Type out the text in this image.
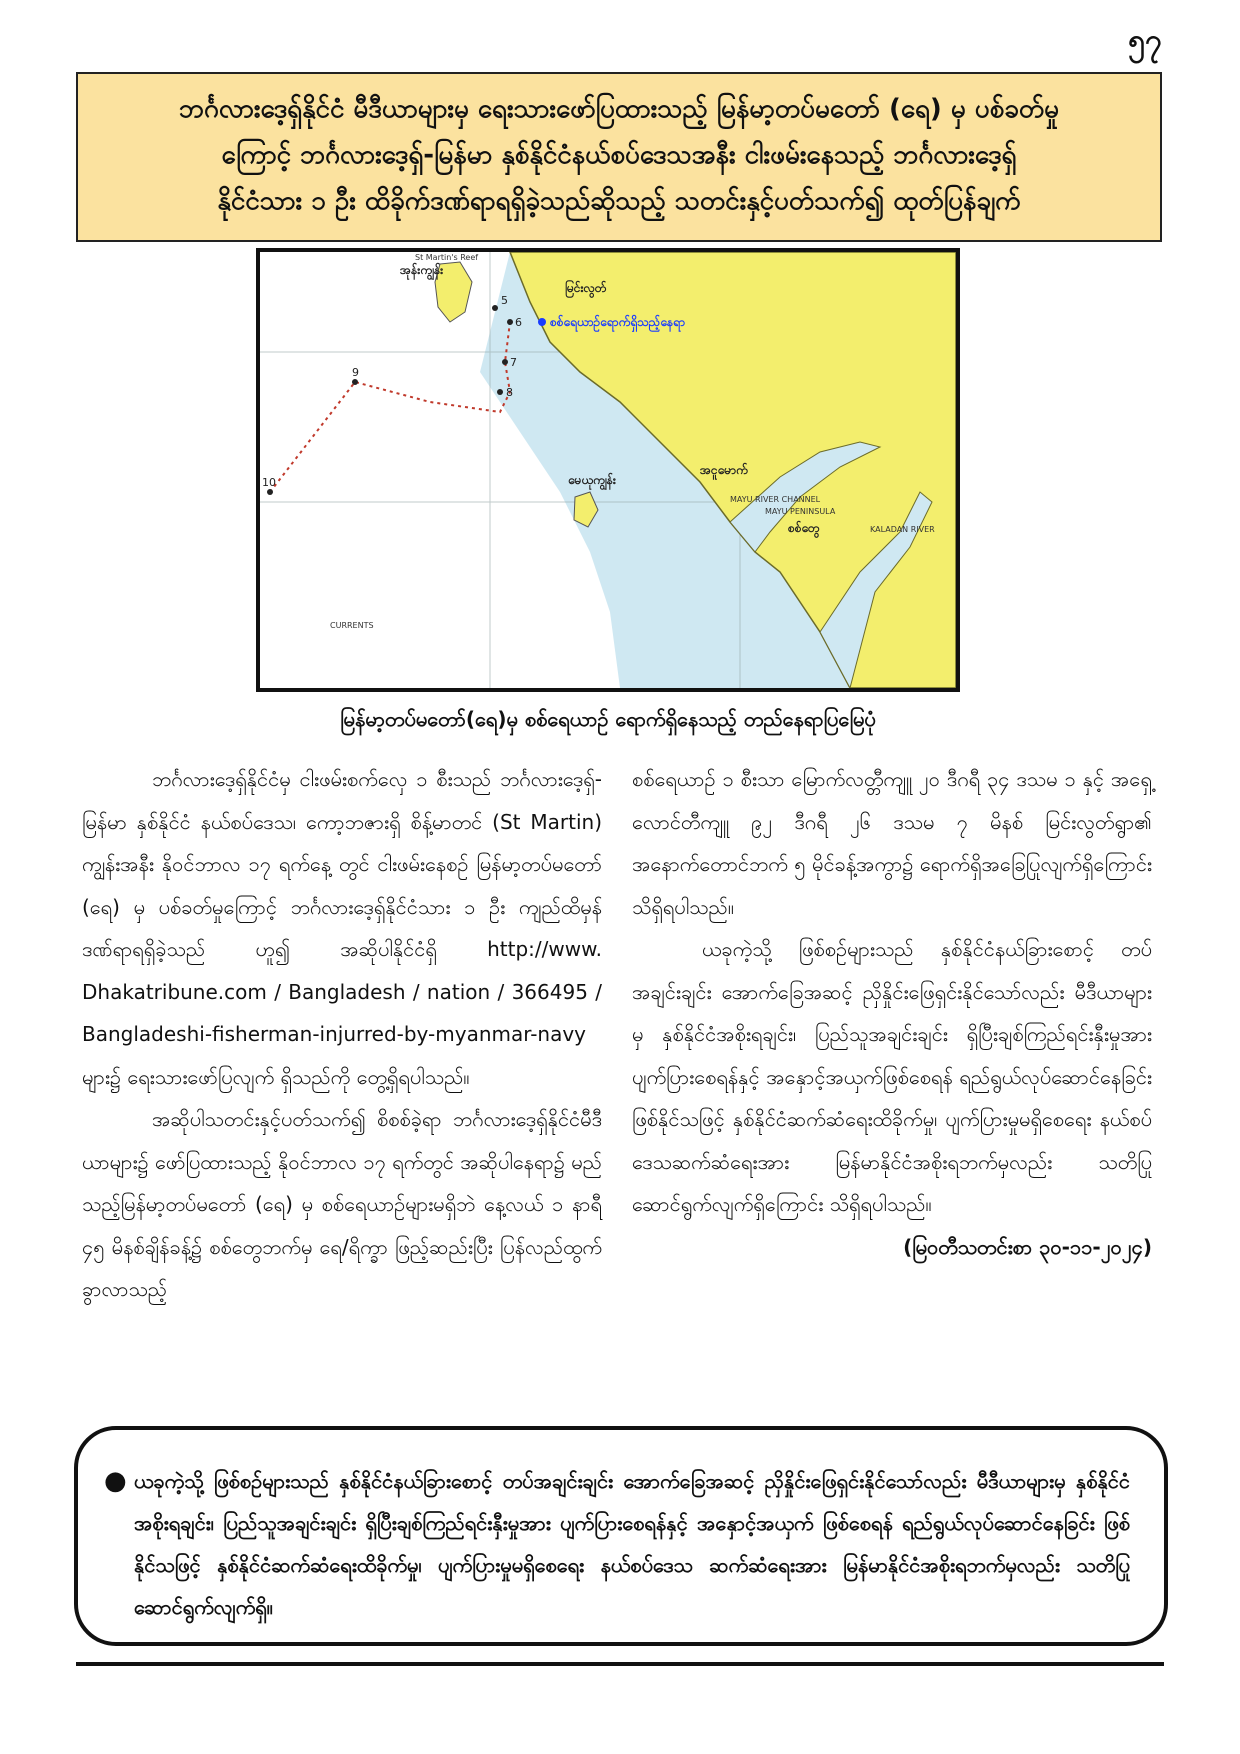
၅၇
ဘင်္ဂလားဒေ့ရှ်နိုင်ငံ မီဒီယာများမှ ရေးသားဖော်ပြထားသည့် မြန်မာ့တပ်မတော် (ရေ) မှ ပစ်ခတ်မှု
ကြောင့် ဘင်္ဂလားဒေ့ရှ်-မြန်မာ နှစ်နိုင်ငံနယ်စပ်ဒေသအနီး ငါးဖမ်းနေသည့် ဘင်္ဂလားဒေ့ရှ်
နိုင်ငံသား ၁ ဦး ထိခိုက်ဒဏ်ရာရရှိခဲ့သည်ဆိုသည့် သတင်းနှင့်ပတ်သက်၍ ထုတ်ပြန်ချက်
5
6
7
8
9
10
စစ်ရေယာဉ်ရောက်ရှိသည့်နေရာ
အုန်းကျွန်း
မြင်းလွတ်
အငူမောက်
မေယုကျွန်း
စစ်တွေ
MAYU RIVER CHANNEL
MAYU PENINSULA
KALADAN RIVER
CURRENTS
St Martin's Reef
မြန်မာ့တပ်မတော်(ရေ)မှ စစ်ရေယာဉ် ရောက်ရှိနေသည့် တည်နေရာပြမြေပုံ

ဘင်္ဂလားဒေ့ရှ်နိုင်ငံမှ ငါးဖမ်းစက်လှေ ၁ စီးသည် ဘင်္ဂလားဒေ့ရှ်-မြန်မာ နှစ်နိုင်ငံ နယ်စပ်ဒေသ၊ ကော့ဘဇားရှိ စိန့်မာတင် (St Martin) ကျွန်းအနီး နိုဝင်ဘာလ ၁၇ ရက်နေ့ တွင် ငါးဖမ်းနေစဉ် မြန်မာ့တပ်မတော် (ရေ) မှ ပစ်ခတ်မှုကြောင့် ဘင်္ဂလားဒေ့ရှ်နိုင်ငံသား ၁ ဦး ကျည်ထိမှန် ဒဏ်ရာရရှိခဲ့သည် ဟူ၍ အဆိုပါနိုင်ငံရှိ http://www. Dhakatribune.com / Bangladesh / nation / 366495 / Bangladeshi-fisherman-injurred-by-myanmar-navy များ၌ ရေးသားဖော်ပြလျက် ရှိသည်ကို တွေ့ရှိရပါသည်။

အဆိုပါသတင်းနှင့်ပတ်သက်၍ စိစစ်ခဲ့ရာ ဘင်္ဂလားဒေ့ရှ်နိုင်ငံမီဒီယာများ၌ ဖော်ပြထားသည့် နိုဝင်ဘာလ ၁၇ ရက်တွင် အဆိုပါနေရာ၌ မည်သည့်မြန်မာ့တပ်မတော် (ရေ) မှ စစ်ရေယာဉ်များမရှိဘဲ နေ့လယ် ၁ နာရီ ၄၅ မိနစ်ချိန်ခန့်၌ စစ်တွေဘက်မှ ရေ/ရိက္ခာ ဖြည့်ဆည်းပြီး ပြန်လည်ထွက်ခွာလာသည့်

စစ်ရေယာဉ် ၁ စီးသာ မြောက်လတ္တီကျူ ၂၀ ဒီဂရီ ၃၄ ဒသမ ၁ နှင့် အရှေ့လောင်တီကျူ ၉၂ ဒီဂရီ ၂၆ ဒသမ ၇ မိနစ် မြင်းလွတ်ရွာ၏ အနောက်တောင်ဘက် ၅ မိုင်ခန့်အကွာ၌ ရောက်ရှိအခြေပြုလျက်ရှိကြောင်း သိရှိရပါသည်။

ယခုကဲ့သို့ ဖြစ်စဉ်များသည် နှစ်နိုင်ငံနယ်ခြားစောင့် တပ်အချင်းချင်း အောက်ခြေအဆင့် ညှိနှိုင်းဖြေရှင်းနိုင်သော်လည်း မီဒီယာများမှ နှစ်နိုင်ငံအစိုးရချင်း၊ ပြည်သူအချင်းချင်း ရှိပြီးချစ်ကြည်ရင်းနှီးမှုအား ပျက်ပြားစေရန်နှင့် အနှောင့်အယှက်ဖြစ်စေရန် ရည်ရွယ်လုပ်ဆောင်နေခြင်းဖြစ်နိုင်သဖြင့် နှစ်နိုင်ငံဆက်ဆံရေးထိခိုက်မှု၊ ပျက်ပြားမှုမရှိစေရေး နယ်စပ်ဒေသဆက်ဆံရေးအား မြန်မာနိုင်ငံအစိုးရဘက်မှလည်း သတိပြုဆောင်ရွက်လျက်ရှိကြောင်း သိရှိရပါသည်။

(မြဝတီသတင်းစာ ၃၀-၁၁-၂၀၂၄)

● ယခုကဲ့သို့ ဖြစ်စဉ်များသည် နှစ်နိုင်ငံနယ်ခြားစောင့် တပ်အချင်းချင်း အောက်ခြေအဆင့် ညှိနှိုင်းဖြေရှင်းနိုင်သော်လည်း မီဒီယာများမှ နှစ်နိုင်ငံအစိုးရချင်း၊ ပြည်သူအချင်းချင်း ရှိပြီးချစ်ကြည်ရင်းနှီးမှုအား ပျက်ပြားစေရန်နှင့် အနှောင့်အယှက် ဖြစ်စေရန် ရည်ရွယ်လုပ်ဆောင်နေခြင်း ဖြစ်နိုင်သဖြင့် နှစ်နိုင်ငံဆက်ဆံရေးထိခိုက်မှု၊ ပျက်ပြားမှုမရှိစေရေး နယ်စပ်ဒေသ ဆက်ဆံရေးအား မြန်မာနိုင်ငံအစိုးရဘက်မှလည်း သတိပြုဆောင်ရွက်လျက်ရှိ။
